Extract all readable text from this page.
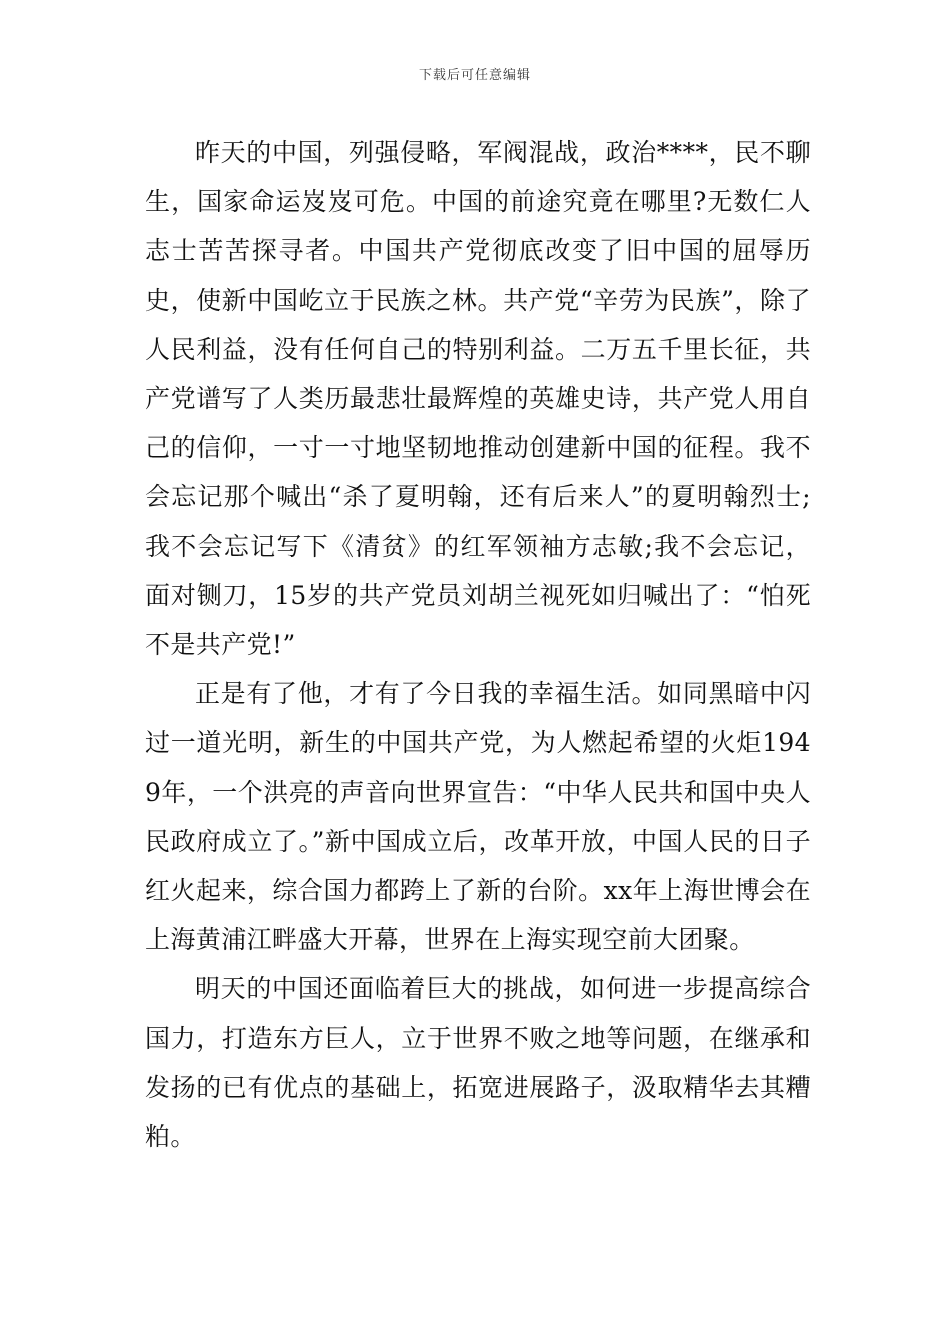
下载后可任意编辑

昨天的中国，列强侵略，军阀混战，政治****，民不聊生，国家命运岌岌可危。中国的前途究竟在哪里?无数仁人志士苦苦探寻者。中国共产党彻底改变了旧中国的屈辱历史，使新中国屹立于民族之林。共产党“辛劳为民族”，除了人民利益，没有任何自己的特别利益。二万五千里长征，共产党谱写了人类历最悲壮最辉煌的英雄史诗，共产党人用自己的信仰，一寸一寸地坚韧地推动创建新中国的征程。我不会忘记那个喊出“杀了夏明翰，还有后来人”的夏明翰烈士;我不会忘记写下《清贫》的红军领袖方志敏;我不会忘记，面对铡刀，15岁的共产党员刘胡兰视死如归喊出了：“怕死不是共产党!”

正是有了他，才有了今日我的幸福生活。如同黑暗中闪过一道光明，新生的中国共产党，为人燃起希望的火炬1949年，一个洪亮的声音向世界宣告：“中华人民共和国中央人民政府成立了。”新中国成立后，改革开放，中国人民的日子红火起来，综合国力都跨上了新的台阶。xx年上海世博会在上海黄浦江畔盛大开幕，世界在上海实现空前大团聚。

明天的中国还面临着巨大的挑战，如何进一步提高综合国力，打造东方巨人，立于世界不败之地等问题，在继承和发扬的已有优点的基础上，拓宽进展路子，汲取精华去其糟粕。
